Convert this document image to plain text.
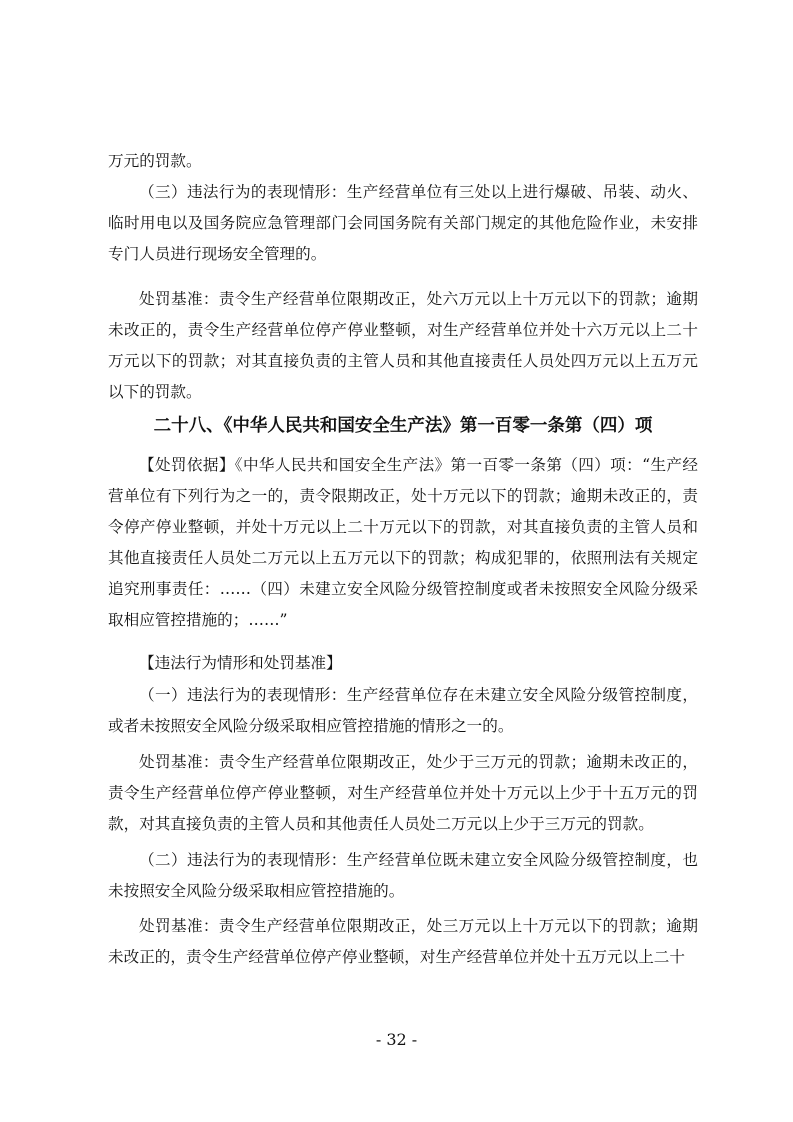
万元的罚款。

（三）违法行为的表现情形：生产经营单位有三处以上进行爆破、吊装、动火、临时用电以及国务院应急管理部门会同国务院有关部门规定的其他危险作业，未安排专门人员进行现场安全管理的。

处罚基准：责令生产经营单位限期改正，处六万元以上十万元以下的罚款；逾期未改正的，责令生产经营单位停产停业整顿，对生产经营单位并处十六万元以上二十万元以下的罚款；对其直接负责的主管人员和其他直接责任人员处四万元以上五万元以下的罚款。

二十八、《中华人民共和国安全生产法》第一百零一条第（四）项

【处罚依据】《中华人民共和国安全生产法》第一百零一条第（四）项：“生产经营单位有下列行为之一的，责令限期改正，处十万元以下的罚款；逾期未改正的，责令停产停业整顿，并处十万元以上二十万元以下的罚款，对其直接负责的主管人员和其他直接责任人员处二万元以上五万元以下的罚款；构成犯罪的，依照刑法有关规定追究刑事责任：……（四）未建立安全风险分级管控制度或者未按照安全风险分级采取相应管控措施的；……”

【违法行为情形和处罚基准】

（一）违法行为的表现情形：生产经营单位存在未建立安全风险分级管控制度，或者未按照安全风险分级采取相应管控措施的情形之一的。

处罚基准：责令生产经营单位限期改正，处少于三万元的罚款；逾期未改正的，责令生产经营单位停产停业整顿，对生产经营单位并处十万元以上少于十五万元的罚款，对其直接负责的主管人员和其他责任人员处二万元以上少于三万元的罚款。

（二）违法行为的表现情形：生产经营单位既未建立安全风险分级管控制度，也未按照安全风险分级采取相应管控措施的。

处罚基准：责令生产经营单位限期改正，处三万元以上十万元以下的罚款；逾期未改正的，责令生产经营单位停产停业整顿，对生产经营单位并处十五万元以上二十

- 32 -
